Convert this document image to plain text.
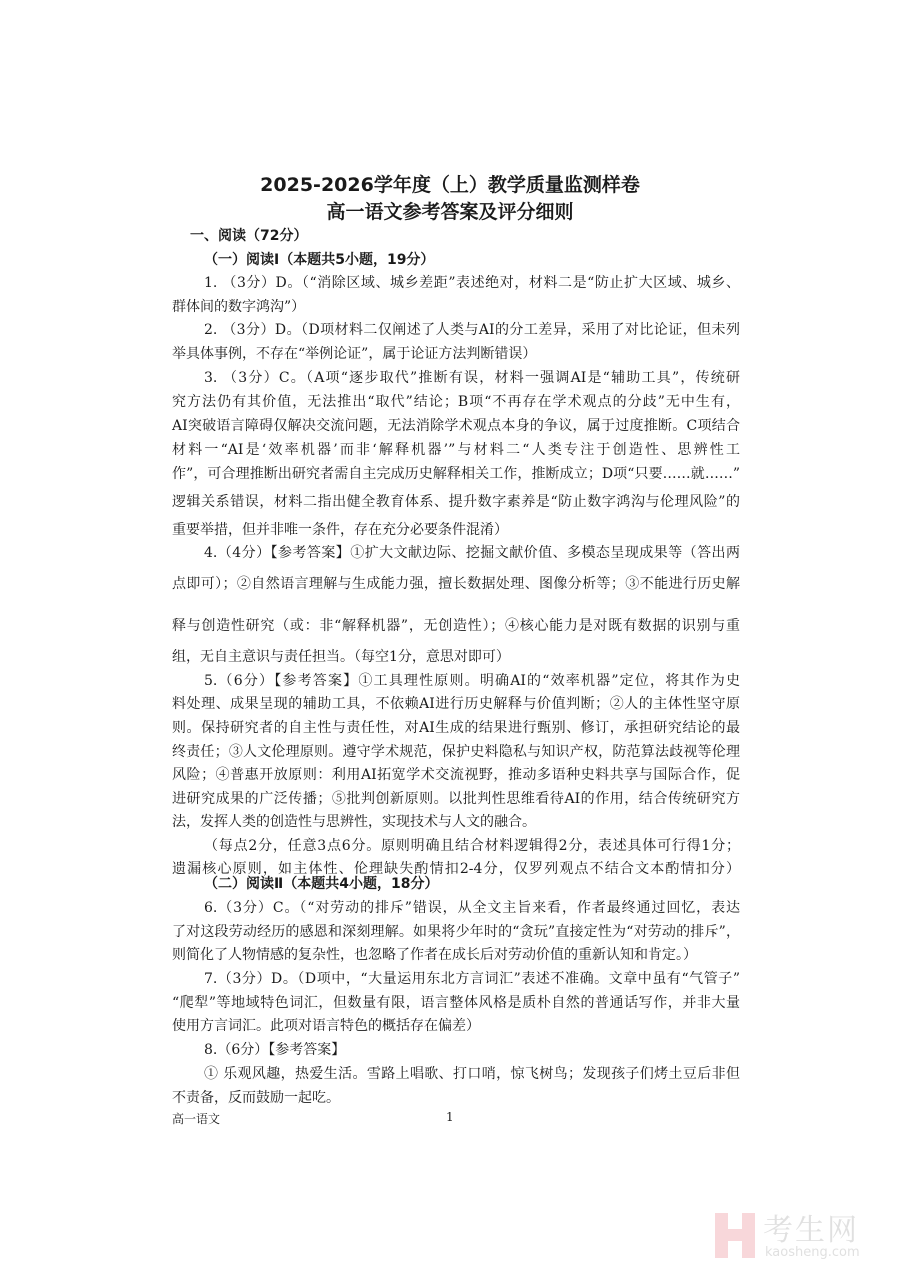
2025-2026学年度（上）教学质量监测样卷
高一语文参考答案及评分细则
一、阅读（72分）
（一）阅读Ⅰ（本题共5小题，19分）
1. （3分）D。（“消除区域、城乡差距”表述绝对，材料二是“防止扩大区域、城乡、
群体间的数字鸿沟”）
2. （3分）D。（D项材料二仅阐述了人类与AI的分工差异，采用了对比论证，但未列
举具体事例，不存在“举例论证”，属于论证方法判断错误）
3. （3分）C。（A项“逐步取代”推断有误，材料一强调AI是“辅助工具”，传统研
究方法仍有其价值，无法推出“取代”结论；B项“不再存在学术观点的分歧”无中生有，
AI突破语言障碍仅解决交流问题，无法消除学术观点本身的争议，属于过度推断。C项结合
材料一“AI是‘效率机器’而非‘解释机器’”与材料二“人类专注于创造性、思辨性工
作”，可合理推断出研究者需自主完成历史解释相关工作，推断成立；D项“只要……就……”
逻辑关系错误，材料二指出健全教育体系、提升数字素养是“防止数字鸿沟与伦理风险”的
重要举措，但并非唯一条件，存在充分必要条件混淆）
4.（4分）【参考答案】①扩大文献边际、挖掘文献价值、多模态呈现成果等（答出两
点即可）；②自然语言理解与生成能力强，擅长数据处理、图像分析等；③不能进行历史解
释与创造性研究（或：非“解释机器”，无创造性）；④核心能力是对既有数据的识别与重
组，无自主意识与责任担当。（每空1分，意思对即可）
5.（6分）【参考答案】①工具理性原则。明确AI的“效率机器”定位，将其作为史
料处理、成果呈现的辅助工具，不依赖AI进行历史解释与价值判断；②人的主体性坚守原
则。保持研究者的自主性与责任性，对AI生成的结果进行甄别、修订，承担研究结论的最
终责任；③人文伦理原则。遵守学术规范，保护史料隐私与知识产权，防范算法歧视等伦理
风险；④普惠开放原则：利用AI拓宽学术交流视野，推动多语种史料共享与国际合作，促
进研究成果的广泛传播；⑤批判创新原则。以批判性思维看待AI的作用，结合传统研究方
法，发挥人类的创造性与思辨性，实现技术与人文的融合。
（每点2分，任意3点6分。原则明确且结合材料逻辑得2分，表述具体可行得1分；
遗漏核心原则，如主体性、伦理缺失酌情扣2-4分，仅罗列观点不结合文本酌情扣分）
（二）阅读Ⅱ（本题共4小题，18分）
6.（3分）C。（“对劳动的排斥”错误，从全文主旨来看，作者最终通过回忆，表达
了对这段劳动经历的感恩和深刻理解。如果将少年时的“贪玩”直接定性为“对劳动的排斥”，
则简化了人物情感的复杂性，也忽略了作者在成长后对劳动价值的重新认知和肯定。）
7.（3分）D。（D项中，“大量运用东北方言词汇”表述不准确。文章中虽有“气管子”
“爬犁”等地域特色词汇，但数量有限，语言整体风格是质朴自然的普通话写作，并非大量
使用方言词汇。此项对语言特色的概括存在偏差）
8.（6分）【参考答案】
① 乐观风趣，热爱生活。雪路上唱歌、打口哨，惊飞树鸟；发现孩子们烤土豆后非但
不责备，反而鼓励一起吃。
高一语文	1
考生网
kaosheng.com
